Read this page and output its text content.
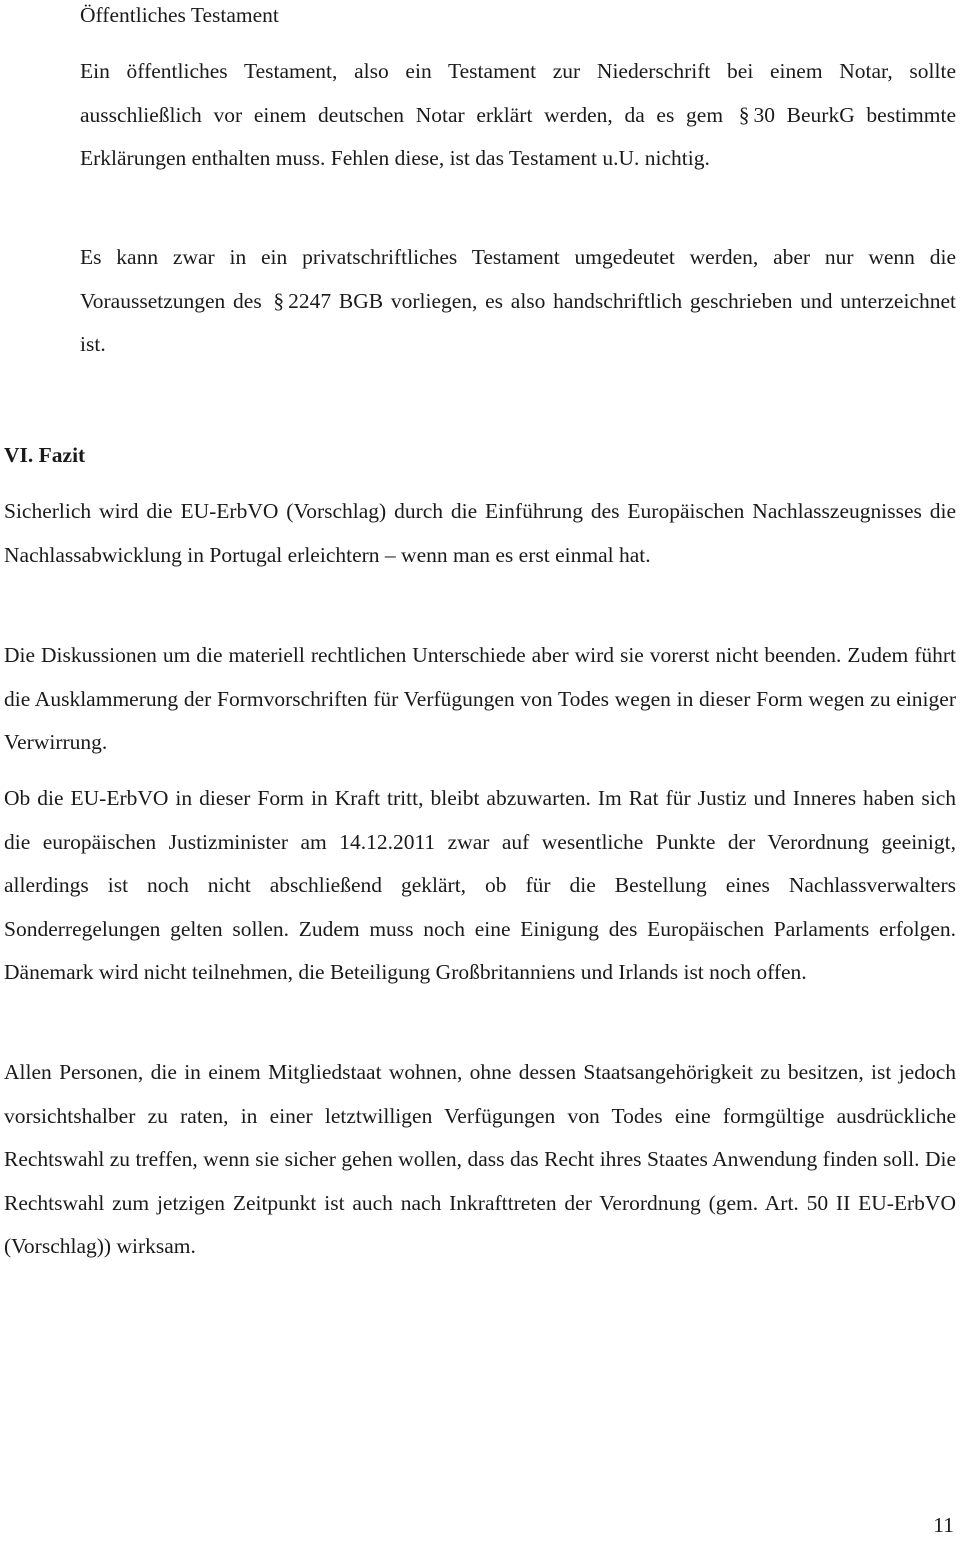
Öffentliches Testament

Ein öffentliches Testament, also ein Testament zur Niederschrift bei einem Notar, sollte ausschließlich vor einem deutschen Notar erklärt werden, da es gem § 30 BeurkG bestimmte Erklärungen enthalten muss. Fehlen diese, ist das Testament u.U. nichtig.

Es kann zwar in ein privatschriftliches Testament umgedeutet werden, aber nur wenn die Voraussetzungen des § 2247 BGB vorliegen, es also handschriftlich geschrieben und unterzeichnet ist.

VI. Fazit

Sicherlich wird die EU-ErbVO (Vorschlag) durch die Einführung des Europäischen Nachlasszeugnisses die Nachlassabwicklung in Portugal erleichtern – wenn man es erst einmal hat.

Die Diskussionen um die materiell rechtlichen Unterschiede aber wird sie vorerst nicht beenden. Zudem führt die Ausklammerung der Formvorschriften für Verfügungen von Todes wegen in dieser Form wegen zu einiger Verwirrung.

Ob die EU-ErbVO in dieser Form in Kraft tritt, bleibt abzuwarten. Im Rat für Justiz und Inneres haben sich die europäischen Justizminister am 14.12.2011 zwar auf wesentliche Punkte der Verordnung geeinigt, allerdings ist noch nicht abschließend geklärt, ob für die Bestellung eines Nachlassverwalters Sonderregelungen gelten sollen. Zudem muss noch eine Einigung des Europäischen Parlaments erfolgen. Dänemark wird nicht teilnehmen, die Beteiligung Großbritanniens und Irlands ist noch offen.

Allen Personen, die in einem Mitgliedstaat wohnen, ohne dessen Staatsangehörigkeit zu besitzen, ist jedoch vorsichtshalber zu raten, in einer letztwilligen Verfügungen von Todes eine formgültige ausdrückliche Rechtswahl zu treffen, wenn sie sicher gehen wollen, dass das Recht ihres Staates Anwendung finden soll. Die Rechtswahl zum jetzigen Zeitpunkt ist auch nach Inkrafttreten der Verordnung (gem. Art. 50 II EU-ErbVO (Vorschlag)) wirksam.

11
